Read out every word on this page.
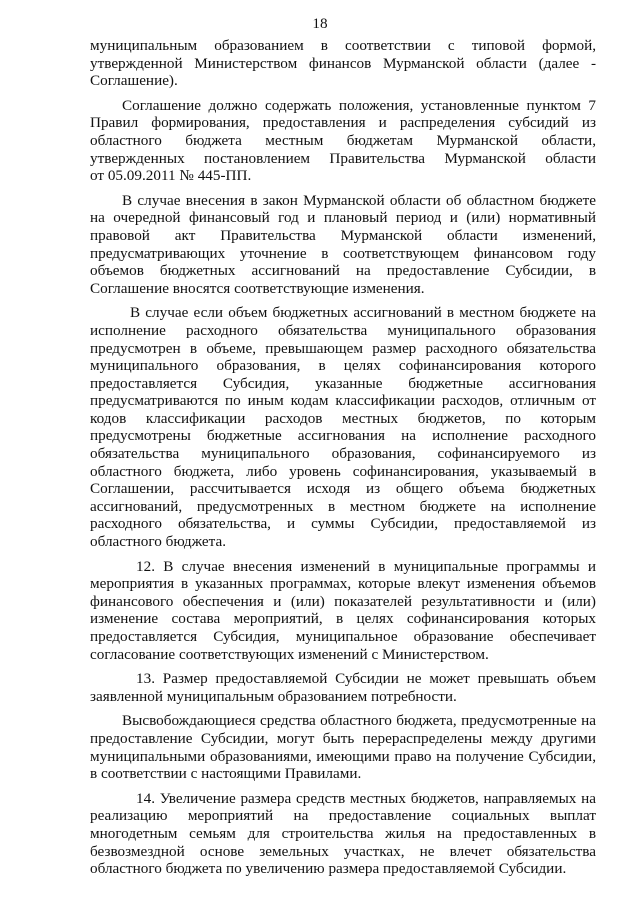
18
муниципальным образованием в соответствии с типовой формой,
утвержденной Министерством финансов Мурманской области (далее -
Соглашение).
Соглашение должно содержать положения, установленные пунктом 7
Правил формирования, предоставления и распределения субсидий из
областного бюджета местным бюджетам Мурманской области,
утвержденных постановлением Правительства Мурманской области
от 05.09.2011 № 445-ПП.
В случае внесения в закон Мурманской области об областном бюджете
на очередной финансовый год и плановый период и (или) нормативный
правовой акт Правительства Мурманской области изменений,
предусматривающих уточнение в соответствующем финансовом году
объемов бюджетных ассигнований на предоставление Субсидии, в
Соглашение вносятся соответствующие изменения.
В случае если объем бюджетных ассигнований в местном бюджете на
исполнение расходного обязательства муниципального образования
предусмотрен в объеме, превышающем размер расходного обязательства
муниципального образования, в целях софинансирования которого
предоставляется Субсидия, указанные бюджетные ассигнования
предусматриваются по иным кодам классификации расходов, отличным от
кодов классификации расходов местных бюджетов, по которым
предусмотрены бюджетные ассигнования на исполнение расходного
обязательства муниципального образования, софинансируемого из
областного бюджета, либо уровень софинансирования, указываемый в
Соглашении, рассчитывается исходя из общего объема бюджетных
ассигнований, предусмотренных в местном бюджете на исполнение
расходного обязательства, и суммы Субсидии, предоставляемой из
областного бюджета.
12. В случае внесения изменений в муниципальные программы и
мероприятия в указанных программах, которые влекут изменения объемов
финансового обеспечения и (или) показателей результативности и (или)
изменение состава мероприятий, в целях софинансирования которых
предоставляется Субсидия, муниципальное образование обеспечивает
согласование соответствующих изменений с Министерством.
13. Размер предоставляемой Субсидии не может превышать объем
заявленной муниципальным образованием потребности.
Высвобождающиеся средства областного бюджета, предусмотренные на
предоставление Субсидии, могут быть перераспределены между другими
муниципальными образованиями, имеющими право на получение Субсидии,
в соответствии с настоящими Правилами.
14. Увеличение размера средств местных бюджетов, направляемых на
реализацию мероприятий на предоставление социальных выплат
многодетным семьям для строительства жилья на предоставленных в
безвозмездной основе земельных участках, не влечет обязательства
областного бюджета по увеличению размера предоставляемой Субсидии.
